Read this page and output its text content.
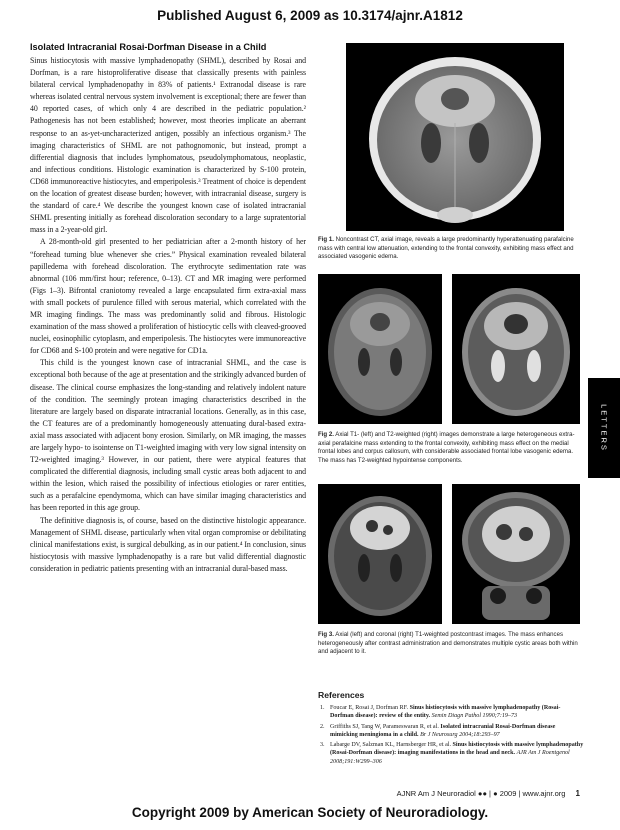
Published August 6, 2009 as 10.3174/ajnr.A1812
Isolated Intracranial Rosai-Dorfman Disease in a Child

Sinus histiocytosis with massive lymphadenopathy (SHML), described by Rosai and Dorfman, is a rare histoproliferative disease that classically presents with painless bilateral cervical lymphadenopathy in 83% of patients.¹ Extranodal disease is rare whereas isolated central nervous system involvement is exceptional; there are fewer than 40 reported cases, of which only 4 are described in the pediatric population.² Pathogenesis has not been established; however, most theories implicate an aberrant response to an as-yet-uncharacterized antigen, possibly an infectious organism.³ The imaging characteristics of SHML are not pathognomonic, but instead, prompt a differential diagnosis that includes lymphomatous, pseudolymphomatous, neoplastic, and infectious conditions. Histologic examination is characterized by S-100 protein, CD68 immunoreactive histiocytes, and emperipolesis.³ Treatment of choice is dependent on the location of greatest disease burden; however, with intracranial disease, surgery is the standard of care.⁴ We describe the youngest known case of isolated intracranial SHML presenting initially as forehead discoloration secondary to a large supratentorial mass in a 2-year-old girl.

A 28-month-old girl presented to her pediatrician after a 2-month history of her “forehead turning blue whenever she cries.” Physical examination revealed bilateral papilledema with forehead discoloration. The erythrocyte sedimentation rate was abnormal (106 mm/first hour; reference, 0–13). CT and MR imaging were performed (Figs 1–3). Bifrontal craniotomy revealed a large encapsulated firm extra-axial mass with small pockets of purulence filled with serous material, which correlated with the MR imaging findings. The mass was predominantly solid and fibrous. Histologic examination of the mass showed a proliferation of histiocytic cells with cleaved-grooved nuclei, eosinophilic cytoplasm, and emperipolesis. The histiocytes were immunoreactive for CD68 and S-100 protein and were negative for CD1a.

This child is the youngest known case of intracranial SHML, and the case is exceptional both because of the age at presentation and the strikingly advanced burden of disease. The clinical course emphasizes the long-standing and relatively indolent nature of the condition. The seemingly protean imaging characteristics described in the literature are largely based on disparate intracranial locations. Generally, as in this case, the CT features are of a predominantly homogeneously attenuating dural-based extra-axial mass associated with adjacent bony erosion. Similarly, on MR imaging, the masses are largely hypo- to isointense on T1-weighted imaging with very low signal intensity on T2-weighted imaging.³ However, in our patient, there were atypical features that complicated the differential diagnosis, including small cystic areas both adjacent to and within the lesion, which raised the possibility of infectious etiologies or rarer entities, such as a perafalcine ependymoma, which can have similar imaging characteristics and has been reported in this age group.

The definitive diagnosis is, of course, based on the distinctive histologic appearance. Management of SHML disease, particularly when vital organ compromise or debilitating clinical manifestations exist, is surgical debulking, as in our patient.⁴ In conclusion, sinus histiocytosis with massive lymphadenopathy is a rare but valid differential diagnostic consideration in pediatric patients presenting with an intracranial dural-based mass.

Fig 1. Noncontrast CT, axial image, reveals a large predominantly hyperattenuating parafalcine mass with central low attenuation, extending to the frontal convexity, exhibiting mass effect and associated vasogenic edema.
Fig 2. Axial T1- (left) and T2-weighted (right) images demonstrate a large heterogeneous extra-axial perafalcine mass extending to the frontal convexity, exhibiting mass effect on the medial frontal lobes and corpus callosum, with considerable associated frontal lobe vasogenic edema. The mass has T2-weighted hypointense components.
Fig 3. Axial (left) and coronal (right) T1-weighted postcontrast images. The mass enhances heterogeneously after contrast administration and demonstrates multiple cystic areas both within and adjacent to it.
References
1. Foucar E, Rosai J, Dorfman RF. Sinus histiocytosis with massive lymphadenopathy (Rosai-Dorfman disease): review of the entity. Semin Diagn Pathol 1990;7:19–73
2. Griffiths SJ, Tang W, Parameswaran R, et al. Isolated intracranial Rosai-Dorfman disease mimicking meningioma in a child. Br J Neurosurg 2004;18:293–97
3. Labarge DV, Salzman KL, Harnsberger HR, et al. Sinus histiocytosis with massive lymphadenopathy (Rosai-Dorfman disease): imaging manifestations in the head and neck. AJR Am J Roentgenol 2008;191:W299–306
LETTERS
AJNR Am J Neuroradiol ●● | ● 2009 | www.ajnr.org 1
Copyright 2009 by American Society of Neuroradiology.
